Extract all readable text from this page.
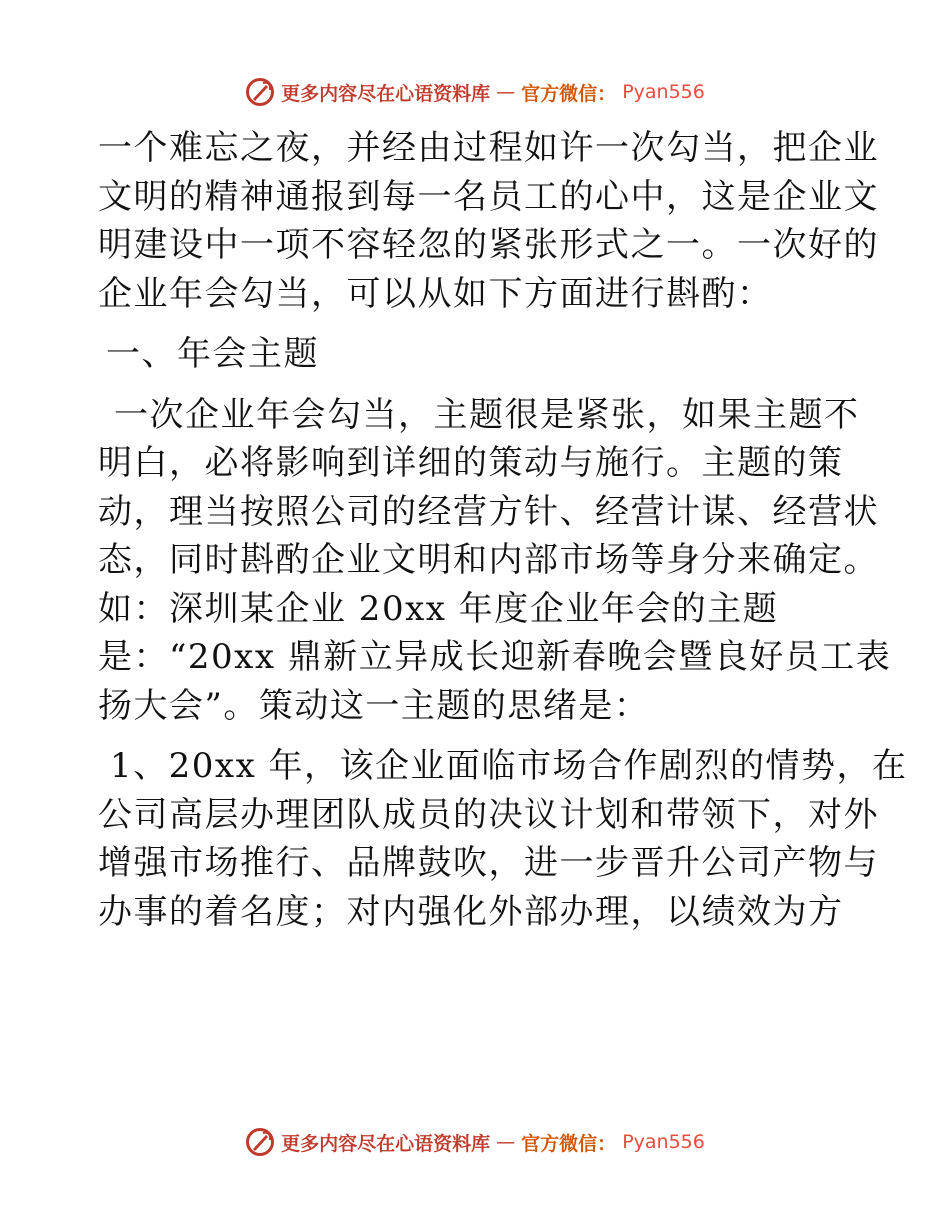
更多内容尽在心语资料库 — 官方微信： Pyan556

一个难忘之夜，并经由过程如许一次勾当，把企业
文明的精神通报到每一名员工的心中，这是企业文
明建设中一项不容轻忽的紧张形式之一。一次好的
企业年会勾当，可以从如下方面进行斟酌：

一、年会主题

一次企业年会勾当，主题很是紧张，如果主题不
明白，必将影响到详细的策动与施行。主题的策
动，理当按照公司的经营方针、经营计谋、经营状
态，同时斟酌企业文明和内部市场等身分来确定。
如：深圳某企业 20xx 年度企业年会的主题
是：“20xx 鼎新立异成长迎新春晚会暨良好员工表
扬大会”。策动这一主题的思绪是：

1、20xx 年，该企业面临市场合作剧烈的情势，在
公司高层办理团队成员的决议计划和带领下，对外
增强市场推行、品牌鼓吹，进一步晋升公司产物与
办事的着名度；对内强化外部办理，以绩效为方

更多内容尽在心语资料库 — 官方微信： Pyan556
